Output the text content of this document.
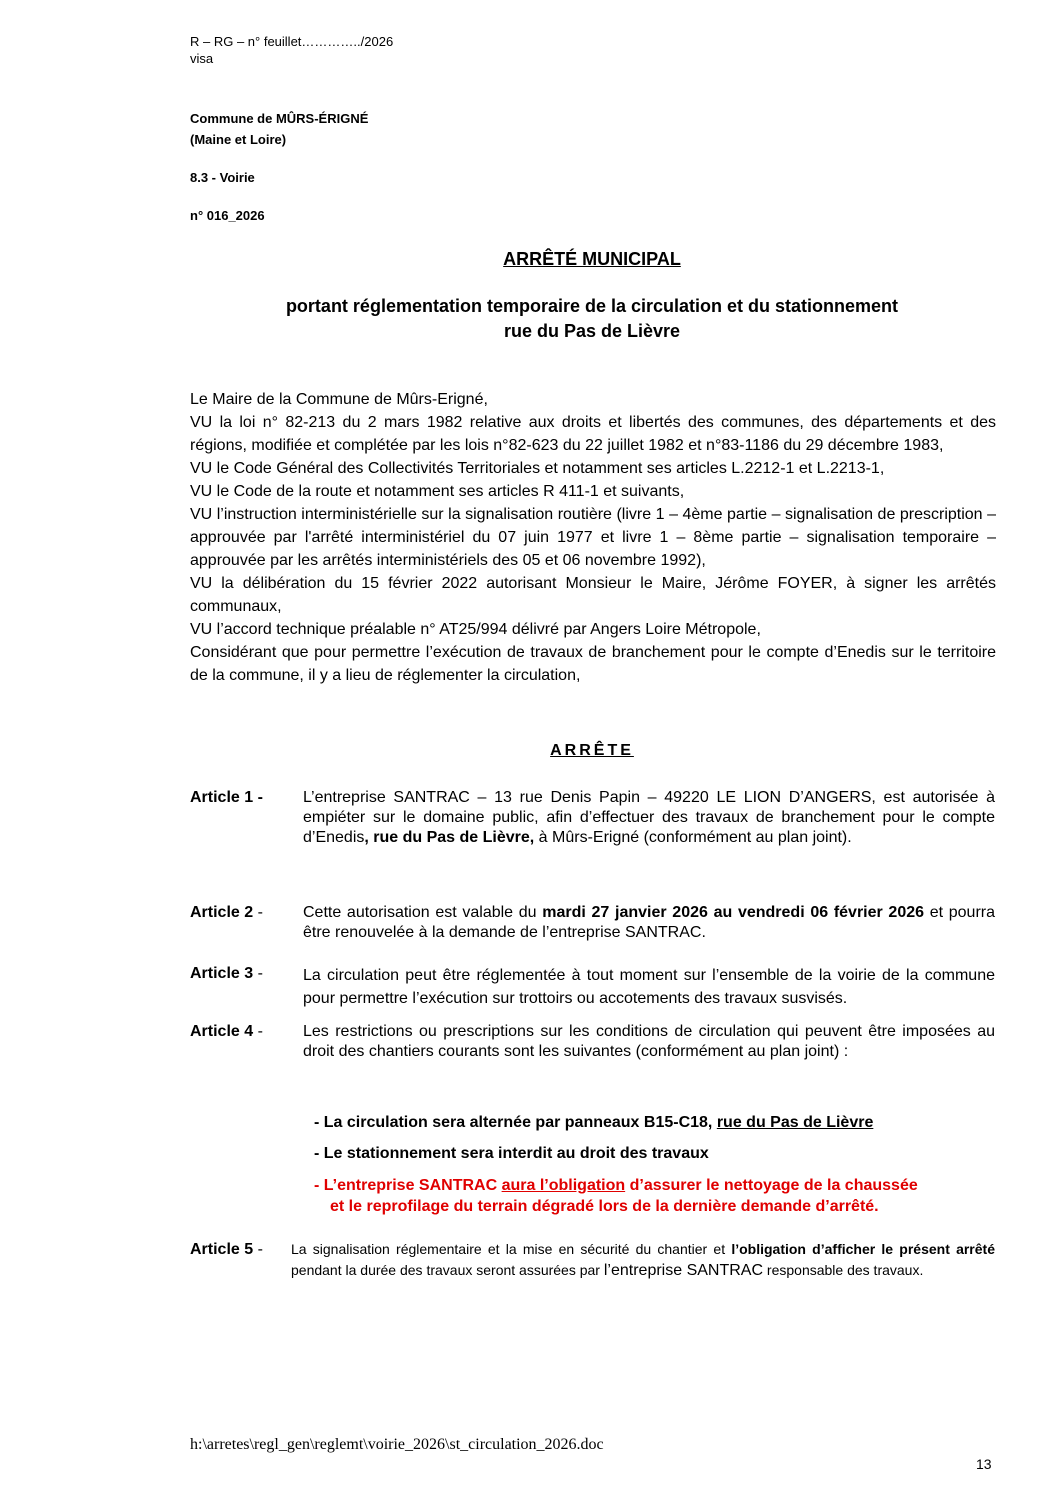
R – RG – n° feuillet…………../2026
visa
Commune de MÛRS-ÉRIGNÉ
(Maine et Loire)
8.3 - Voirie
n° 016_2026
ARRÊTÉ MUNICIPAL
portant réglementation temporaire de la circulation et du stationnement
rue du Pas de Lièvre

Le Maire de la Commune de Mûrs-Erigné,

VU la loi n° 82-213 du 2 mars 1982 relative aux droits et libertés des communes, des départements et des régions, modifiée et complétée par les lois n°82-623 du 22 juillet 1982 et n°83-1186 du 29 décembre 1983,

VU le Code Général des Collectivités Territoriales et notamment ses articles L.2212-1 et L.2213-1,

VU le Code de la route et notamment ses articles R 411-1 et suivants,

VU l’instruction interministérielle sur la signalisation routière (livre 1 – 4ème partie – signalisation de prescription – approuvée par l'arrêté interministériel du 07 juin 1977 et livre 1 – 8ème partie – signalisation temporaire – approuvée par les arrêtés interministériels des 05 et 06 novembre 1992),

VU la délibération du 15 février 2022 autorisant Monsieur le Maire, Jérôme FOYER, à signer les arrêtés communaux,

VU l’accord technique préalable n° AT25/994 délivré par Angers Loire Métropole,

Considérant que pour permettre l’exécution de travaux de branchement pour le compte d’Enedis sur le territoire de la commune, il y a lieu de réglementer la circulation,

ARRÊTE
Article 1 -	L’entreprise SANTRAC – 13 rue Denis Papin – 49220 LE LION D’ANGERS, est autorisée à empiéter sur le domaine public, afin d’effectuer des travaux de branchement pour le compte d’Enedis, rue du Pas de Lièvre, à Mûrs-Erigné (conformément au plan joint).
Article 2 -	Cette autorisation est valable du mardi 27 janvier 2026 au vendredi 06 février 2026 et pourra être renouvelée à la demande de l’entreprise SANTRAC.
Article 3 -	La circulation peut être réglementée à tout moment sur l’ensemble de la voirie de la commune pour permettre l’exécution sur trottoirs ou accotements des travaux susvisés.
Article 4 -	Les restrictions ou prescriptions sur les conditions de circulation qui peuvent être imposées au droit des chantiers courants sont les suivantes (conformément au plan joint) :
- La circulation sera alternée par panneaux B15-C18, rue du Pas de Lièvre
- Le stationnement sera interdit au droit des travaux
- L’entreprise SANTRAC aura l’obligation d’assurer le nettoyage de la chaussée
et le reprofilage du terrain dégradé lors de la dernière demande d’arrêté.
Article 5 - La signalisation réglementaire et la mise en sécurité du chantier et l’obligation d’afficher le présent arrêté pendant la durée des travaux seront assurées par l’entreprise SANTRAC responsable des travaux.
h:\arretes\regl_gen\reglemt\voirie_2026\st_circulation_2026.doc
13
